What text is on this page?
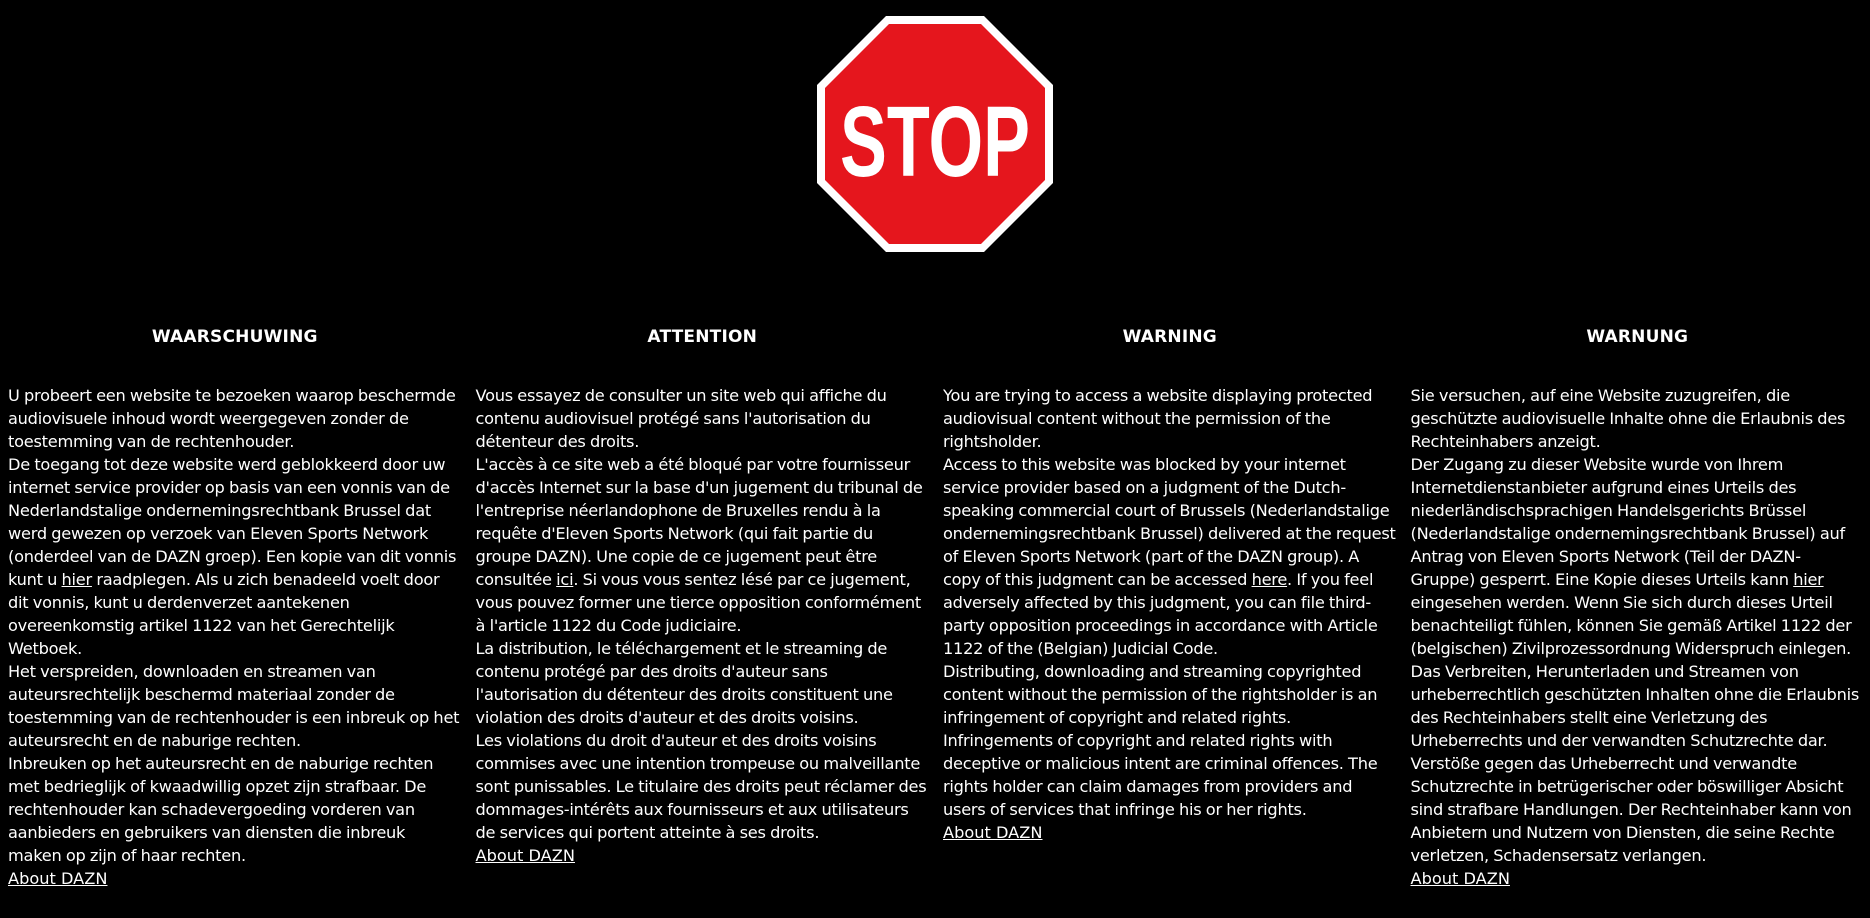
STOP
WAARSCHUWING

U probeert een website te bezoeken waarop beschermde audiovisuele inhoud wordt weergegeven zonder de toestemming van de rechtenhouder.

De toegang tot deze website werd geblokkeerd door uw internet service provider op basis van een vonnis van de Nederlandstalige ondernemingsrechtbank Brussel dat werd gewezen op verzoek van Eleven Sports Network (onderdeel van de DAZN groep). Een kopie van dit vonnis kunt u hier raadplegen. Als u zich benadeeld voelt door dit vonnis, kunt u derdenverzet aantekenen overeenkomstig artikel 1122 van het Gerechtelijk Wetboek.

Het verspreiden, downloaden en streamen van auteursrechtelijk beschermd materiaal zonder de toestemming van de rechtenhouder is een inbreuk op het auteursrecht en de naburige rechten.

Inbreuken op het auteursrecht en de naburige rechten met bedrieglijk of kwaadwillig opzet zijn strafbaar. De rechtenhouder kan schadevergoeding vorderen van aanbieders en gebruikers van diensten die inbreuk maken op zijn of haar rechten.

About DAZN
ATTENTION

Vous essayez de consulter un site web qui affiche du contenu audiovisuel protégé sans l'autorisation du détenteur des droits.

L'accès à ce site web a été bloqué par votre fournisseur d'accès Internet sur la base d'un jugement du tribunal de l'entreprise néerlandophone de Bruxelles rendu à la requête d'Eleven Sports Network (qui fait partie du groupe DAZN). Une copie de ce jugement peut être consultée ici. Si vous vous sentez lésé par ce jugement, vous pouvez former une tierce opposition conformément à l'article 1122 du Code judiciaire.

La distribution, le téléchargement et le streaming de contenu protégé par des droits d'auteur sans l'autorisation du détenteur des droits constituent une violation des droits d'auteur et des droits voisins.

Les violations du droit d'auteur et des droits voisins commises avec une intention trompeuse ou malveillante sont punissables. Le titulaire des droits peut réclamer des dommages-intérêts aux fournisseurs et aux utilisateurs de services qui portent atteinte à ses droits.

About DAZN
WARNING

You are trying to access a website displaying protected audiovisual content without the permission of the rightsholder.

Access to this website was blocked by your internet service provider based on a judgment of the Dutch-speaking commercial court of Brussels (Nederlandstalige ondernemingsrechtbank Brussel) delivered at the request of Eleven Sports Network (part of the DAZN group). A copy of this judgment can be accessed here. If you feel adversely affected by this judgment, you can file third-party opposition proceedings in accordance with Article 1122 of the (Belgian) Judicial Code.

Distributing, downloading and streaming copyrighted content without the permission of the rightsholder is an infringement of copyright and related rights.

Infringements of copyright and related rights with deceptive or malicious intent are criminal offences. The rights holder can claim damages from providers and users of services that infringe his or her rights.

About DAZN
WARNUNG

Sie versuchen, auf eine Website zuzugreifen, die geschützte audiovisuelle Inhalte ohne die Erlaubnis des Rechteinhabers anzeigt.

Der Zugang zu dieser Website wurde von Ihrem Internetdienstanbieter aufgrund eines Urteils des niederländischsprachigen Handelsgerichts Brüssel (Nederlandstalige ondernemingsrechtbank Brussel) auf Antrag von Eleven Sports Network (Teil der DAZN-Gruppe) gesperrt. Eine Kopie dieses Urteils kann hier eingesehen werden. Wenn Sie sich durch dieses Urteil benachteiligt fühlen, können Sie gemäß Artikel 1122 der (belgischen) Zivilprozessordnung Widerspruch einlegen.

Das Verbreiten, Herunterladen und Streamen von urheberrechtlich geschützten Inhalten ohne die Erlaubnis des Rechteinhabers stellt eine Verletzung des Urheberrechts und der verwandten Schutzrechte dar. Verstöße gegen das Urheberrecht und verwandte Schutzrechte in betrügerischer oder böswilliger Absicht sind strafbare Handlungen. Der Rechteinhaber kann von Anbietern und Nutzern von Diensten, die seine Rechte verletzen, Schadensersatz verlangen.

About DAZN
